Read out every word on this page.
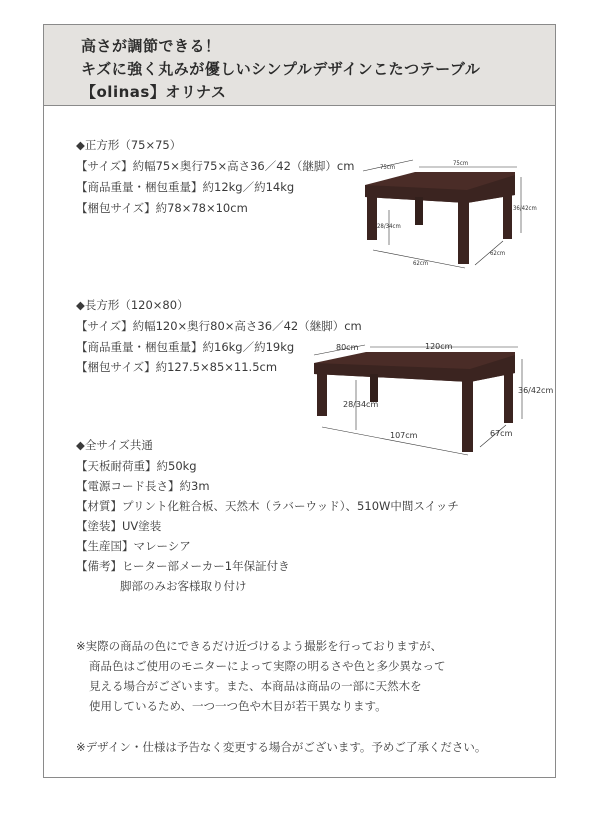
高さが調節できる！
キズに強く丸みが優しいシンプルデザインこたつテーブル
【olinas】オリナス
◆正方形（75×75）
【サイズ】約幅75×奥行75×高さ36／42（継脚）cm
【商品重量・梱包重量】約12kg／約14kg
【梱包サイズ】約78×78×10cm
75cm
75cm
36/42cm
28/34cm
62cm
62cm
◆長方形（120×80）
【サイズ】約幅120×奥行80×高さ36／42（継脚）cm
【商品重量・梱包重量】約16kg／約19kg
【梱包サイズ】約127.5×85×11.5cm
80cm	120cm
36/42cm
28/34cm
107cm	67cm
◆全サイズ共通
【天板耐荷重】約50kg
【電源コード長さ】約3m
【材質】プリント化粧合板、天然木（ラバーウッド）、510W中間スイッチ
【塗装】UV塗装
【生産国】マレーシア
【備考】ヒーター部メーカー1年保証付き
脚部のみお客様取り付け
※実際の商品の色にできるだけ近づけるよう撮影を行っておりますが、
商品色はご使用のモニターによって実際の明るさや色と多少異なって
見える場合がございます。また、本商品は商品の一部に天然木を
使用しているため、一つ一つ色や木目が若干異なります。
※デザイン・仕様は予告なく変更する場合がございます。予めご了承ください。
